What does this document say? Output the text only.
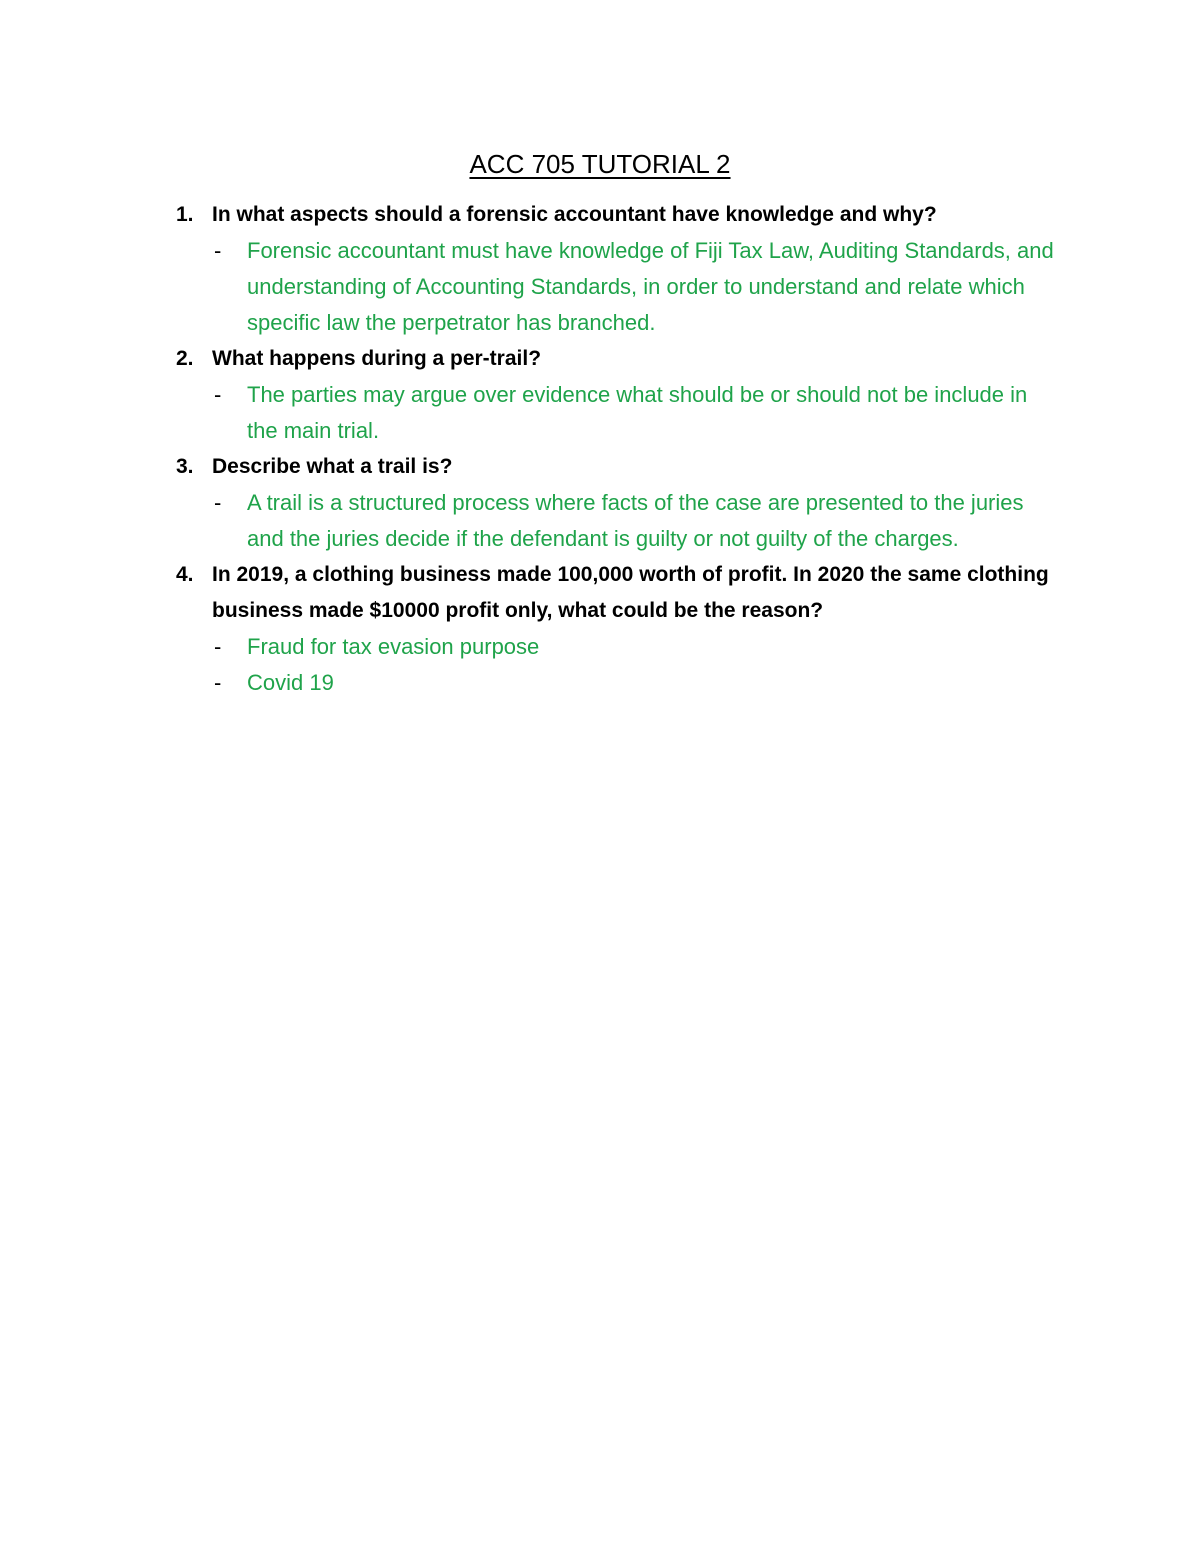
ACC 705 TUTORIAL 2
1. In what aspects should a forensic accountant have knowledge and why?
- Forensic accountant must have knowledge of Fiji Tax Law, Auditing Standards, and understanding of Accounting Standards, in order to understand and relate which specific law the perpetrator has branched.
2. What happens during a per-trail?
- The parties may argue over evidence what should be or should not be include in the main trial.
3. Describe what a trail is?
- A trail is a structured process where facts of the case are presented to the juries and the juries decide if the defendant is guilty or not guilty of the charges.
4. In 2019, a clothing business made 100,000 worth of profit. In 2020 the same clothing business made $10000 profit only, what could be the reason?
- Fraud for tax evasion purpose
- Covid 19
